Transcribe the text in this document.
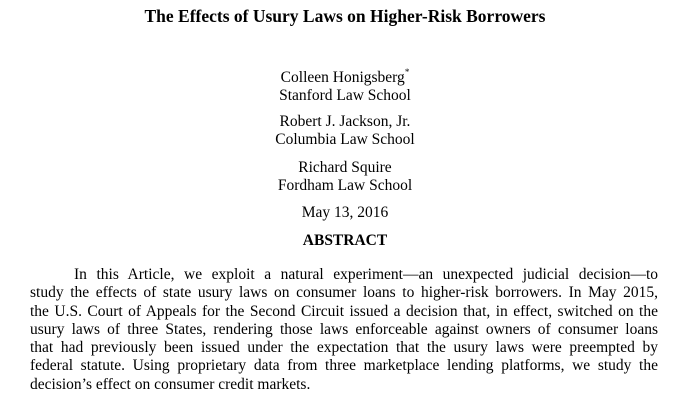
The Effects of Usury Laws on Higher-Risk Borrowers
Colleen Honigsberg*
Stanford Law School
Robert J. Jackson, Jr.
Columbia Law School
Richard Squire
Fordham Law School
May 13, 2016
ABSTRACT
In this Article, we exploit a natural experiment—an unexpected judicial decision—to
study the effects of state usury laws on consumer loans to higher-risk borrowers. In May 2015,
the U.S. Court of Appeals for the Second Circuit issued a decision that, in effect, switched on the
usury laws of three States, rendering those laws enforceable against owners of consumer loans
that had previously been issued under the expectation that the usury laws were preempted by
federal statute. Using proprietary data from three marketplace lending platforms, we study the
decision’s effect on consumer credit markets.
